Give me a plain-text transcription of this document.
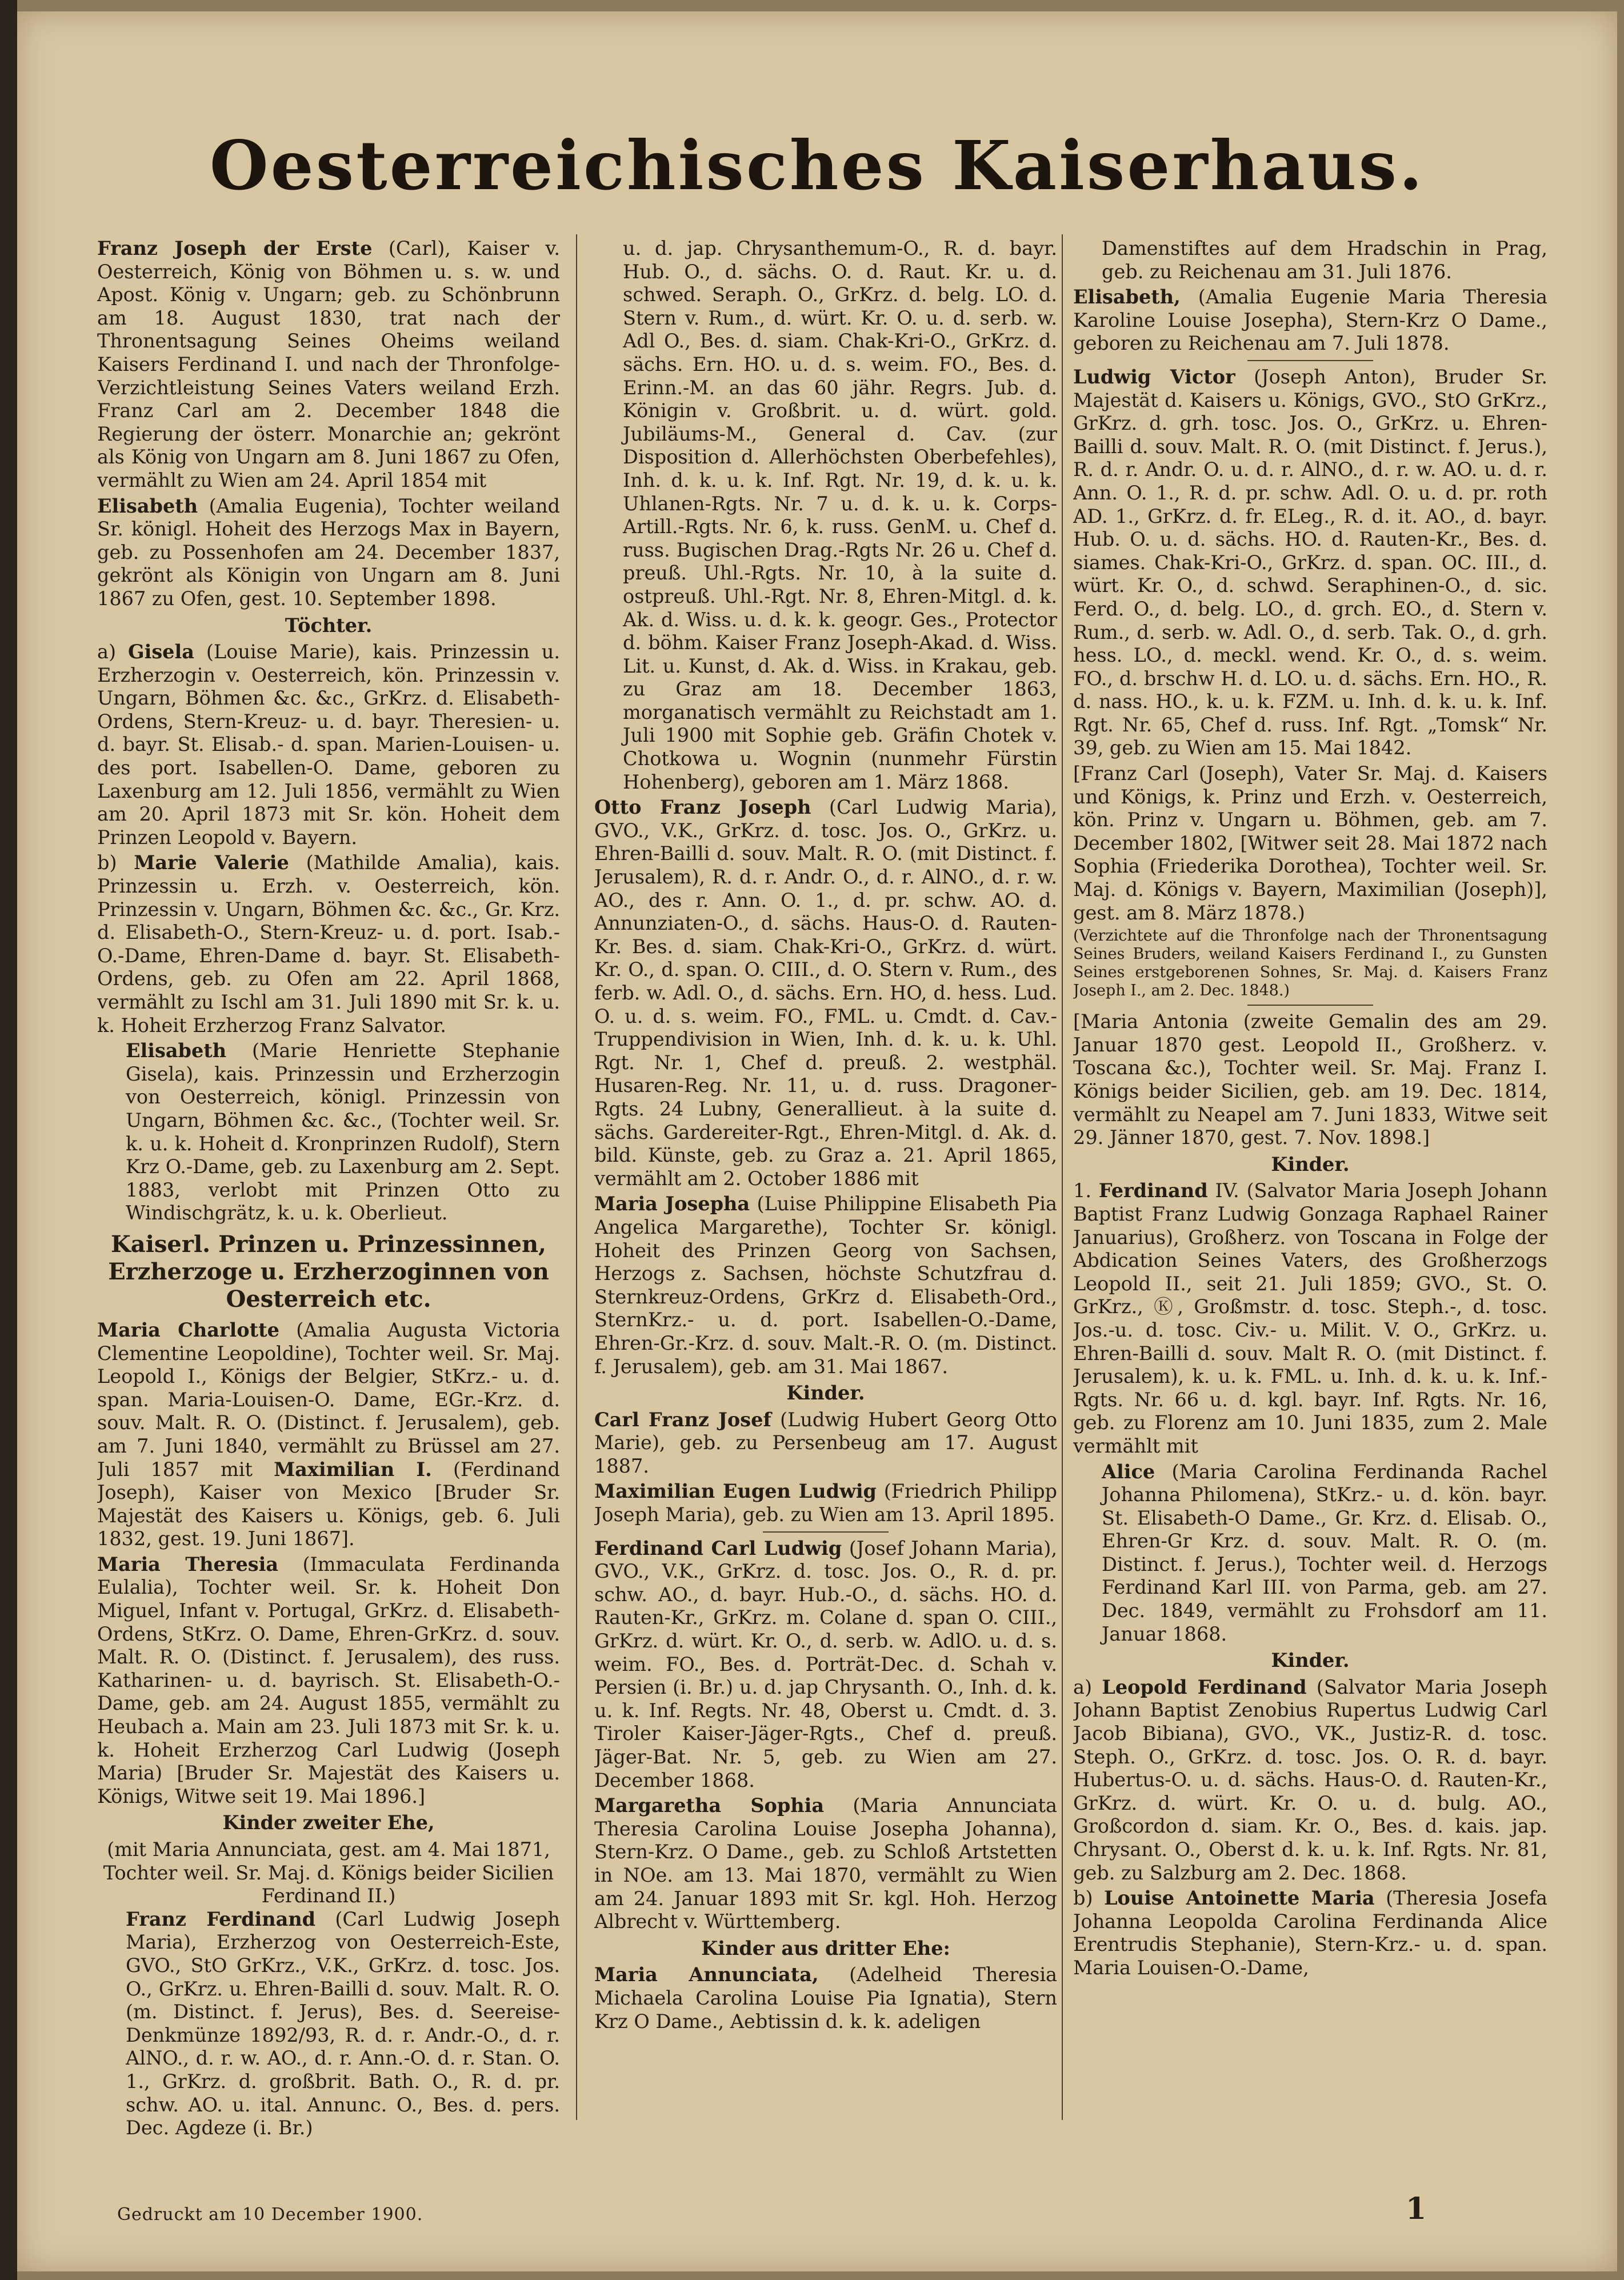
Oesterreichisches Kaiserhaus.

Franz Joseph der Erste (Carl), Kaiser v. Oesterreich, König von Böhmen u. s. w. und Apost. König v. Ungarn; geb. zu Schönbrunn am 18. August 1830, trat nach der Thronentsagung Seines Oheims weiland Kaisers Ferdinand I. und nach der Thronfolge-Verzichtleistung Seines Vaters weiland Erzh. Franz Carl am 2. December 1848 die Regierung der österr. Monarchie an; gekrönt als König von Ungarn am 8. Juni 1867 zu Ofen, vermählt zu Wien am 24. April 1854 mit

Elisabeth (Amalia Eugenia), Tochter weiland Sr. königl. Hoheit des Herzogs Max in Bayern, geb. zu Possenhofen am 24. December 1837, gekrönt als Königin von Ungarn am 8. Juni 1867 zu Ofen, gest. 10. September 1898.

Töchter.

a) Gisela (Louise Marie), kais. Prinzessin u. Erzherzogin v. Oesterreich, kön. Prinzessin v. Ungarn, Böhmen &c. &c., GrKrz. d. Elisabeth-Ordens, Stern-Kreuz- u. d. bayr. Theresien- u. d. bayr. St. Elisab.- d. span. Marien-Louisen- u. des port. Isabellen-O. Dame, geboren zu Laxenburg am 12. Juli 1856, vermählt zu Wien am 20. April 1873 mit Sr. kön. Hoheit dem Prinzen Leopold v. Bayern.

b) Marie Valerie (Mathilde Amalia), kais. Prinzessin u. Erzh. v. Oesterreich, kön. Prinzessin v. Ungarn, Böhmen &c. &c., Gr. Krz. d. Elisabeth-O., Stern-Kreuz- u. d. port. Isab.-O.-Dame, Ehren-Dame d. bayr. St. Elisabeth-Ordens, geb. zu Ofen am 22. April 1868, vermählt zu Ischl am 31. Juli 1890 mit Sr. k. u. k. Hoheit Erzherzog Franz Salvator.

Elisabeth (Marie Henriette Stephanie Gisela), kais. Prinzessin und Erzherzogin von Oesterreich, königl. Prinzessin von Ungarn, Böhmen &c. &c., (Tochter weil. Sr. k. u. k. Hoheit d. Kronprinzen Rudolf), Stern Krz O.-Dame, geb. zu Laxenburg am 2. Sept. 1883, verlobt mit Prinzen Otto zu Windischgrätz, k. u. k. Oberlieut.

Kaiserl. Prinzen u. Prinzessinnen, Erzherzoge u. Erzherzoginnen von Oesterreich etc.

Maria Charlotte (Amalia Augusta Victoria Clementine Leopoldine), Tochter weil. Sr. Maj. Leopold I., Königs der Belgier, StKrz.- u. d. span. Maria-Louisen-O. Dame, EGr.-Krz. d. souv. Malt. R. O. (Distinct. f. Jerusalem), geb. am 7. Juni 1840, vermählt zu Brüssel am 27. Juli 1857 mit Maximilian I. (Ferdinand Joseph), Kaiser von Mexico [Bruder Sr. Majestät des Kaisers u. Königs, geb. 6. Juli 1832, gest. 19. Juni 1867].

Maria Theresia (Immaculata Ferdinanda Eulalia), Tochter weil. Sr. k. Hoheit Don Miguel, Infant v. Portugal, GrKrz. d. Elisabeth-Ordens, StKrz. O. Dame, Ehren-GrKrz. d. souv. Malt. R. O. (Distinct. f. Jerusalem), des russ. Katharinen- u. d. bayrisch. St. Elisabeth-O.-Dame, geb. am 24. August 1855, vermählt zu Heubach a. Main am 23. Juli 1873 mit Sr. k. u. k. Hoheit Erzherzog Carl Ludwig (Joseph Maria) [Bruder Sr. Majestät des Kaisers u. Königs, Witwe seit 19. Mai 1896.]

Kinder zweiter Ehe,
(mit Maria Annunciata, gest. am 4. Mai 1871, Tochter weil. Sr. Maj. d. Königs beider Sicilien Ferdinand II.)

Franz Ferdinand (Carl Ludwig Joseph Maria), Erzherzog von Oesterreich-Este, GVO., StO GrKrz., V.K., GrKrz. d. tosc. Jos. O., GrKrz. u. Ehren-Bailli d. souv. Malt. R. O. (m. Distinct. f. Jerus), Bes. d. Seereise-Denkmünze 1892/93, R. d. r. Andr.-O., d. r. AlNO., d. r. w. AO., d. r. Ann.-O. d. r. Stan. O. 1., GrKrz. d. großbrit. Bath. O., R. d. pr. schw. AO. u. ital. Annunc. O., Bes. d. pers. Dec. Agdeze (i. Br.)

u. d. jap. Chrysanthemum-O., R. d. bayr. Hub. O., d. sächs. O. d. Raut. Kr. u. d. schwed. Seraph. O., GrKrz. d. belg. LO. d. Stern v. Rum., d. würt. Kr. O. u. d. serb. w. Adl O., Bes. d. siam. Chak-Kri-O., GrKrz. d. sächs. Ern. HO. u. d. s. weim. FO., Bes. d. Erinn.-M. an das 60 jähr. Regrs. Jub. d. Königin v. Großbrit. u. d. würt. gold. Jubiläums-M., General d. Cav. (zur Disposition d. Allerhöchsten Oberbefehles), Inh. d. k. u. k. Inf. Rgt. Nr. 19, d. k. u. k. Uhlanen-Rgts. Nr. 7 u. d. k. u. k. Corps-Artill.-Rgts. Nr. 6, k. russ. GenM. u. Chef d. russ. Bugischen Drag.-Rgts Nr. 26 u. Chef d. preuß. Uhl.-Rgts. Nr. 10, à la suite d. ostpreuß. Uhl.-Rgt. Nr. 8, Ehren-Mitgl. d. k. Ak. d. Wiss. u. d. k. k. geogr. Ges., Protector d. böhm. Kaiser Franz Joseph-Akad. d. Wiss. Lit. u. Kunst, d. Ak. d. Wiss. in Krakau, geb. zu Graz am 18. December 1863, morganatisch vermählt zu Reichstadt am 1. Juli 1900 mit Sophie geb. Gräfin Chotek v. Chotkowa u. Wognin (nunmehr Fürstin Hohenberg), geboren am 1. März 1868.

Otto Franz Joseph (Carl Ludwig Maria), GVO., V.K., GrKrz. d. tosc. Jos. O., GrKrz. u. Ehren-Bailli d. souv. Malt. R. O. (mit Distinct. f. Jerusalem), R. d. r. Andr. O., d. r. AlNO., d. r. w. AO., des r. Ann. O. 1., d. pr. schw. AO. d. Annunziaten-O., d. sächs. Haus-O. d. Rauten-Kr. Bes. d. siam. Chak-Kri-O., GrKrz. d. würt. Kr. O., d. span. O. CIII., d. O. Stern v. Rum., des ferb. w. Adl. O., d. sächs. Ern. HO, d. hess. Lud. O. u. d. s. weim. FO., FML. u. Cmdt. d. Cav.-Truppendivision in Wien, Inh. d. k. u. k. Uhl. Rgt. Nr. 1, Chef d. preuß. 2. westphäl. Husaren-Reg. Nr. 11, u. d. russ. Dragoner-Rgts. 24 Lubny, Generallieut. à la suite d. sächs. Gardereiter-Rgt., Ehren-Mitgl. d. Ak. d. bild. Künste, geb. zu Graz a. 21. April 1865, vermählt am 2. October 1886 mit

Maria Josepha (Luise Philippine Elisabeth Pia Angelica Margarethe), Tochter Sr. königl. Hoheit des Prinzen Georg von Sachsen, Herzogs z. Sachsen, höchste Schutzfrau d. Sternkreuz-Ordens, GrKrz d. Elisabeth-Ord., SternKrz.- u. d. port. Isabellen-O.-Dame, Ehren-Gr.-Krz. d. souv. Malt.-R. O. (m. Distinct. f. Jerusalem), geb. am 31. Mai 1867.

Kinder.

Carl Franz Josef (Ludwig Hubert Georg Otto Marie), geb. zu Persenbeug am 17. August 1887.

Maximilian Eugen Ludwig (Friedrich Philipp Joseph Maria), geb. zu Wien am 13. April 1895.

Ferdinand Carl Ludwig (Josef Johann Maria), GVO., V.K., GrKrz. d. tosc. Jos. O., R. d. pr. schw. AO., d. bayr. Hub.-O., d. sächs. HO. d. Rauten-Kr., GrKrz. m. Colane d. span O. CIII., GrKrz. d. würt. Kr. O., d. serb. w. AdlO. u. d. s. weim. FO., Bes. d. Porträt-Dec. d. Schah v. Persien (i. Br.) u. d. jap Chrysanth. O., Inh. d. k. u. k. Inf. Regts. Nr. 48, Oberst u. Cmdt. d. 3. Tiroler Kaiser-Jäger-Rgts., Chef d. preuß. Jäger-Bat. Nr. 5, geb. zu Wien am 27. December 1868.

Margaretha Sophia (Maria Annunciata Theresia Carolina Louise Josepha Johanna), Stern-Krz. O Dame., geb. zu Schloß Artstetten in NOe. am 13. Mai 1870, vermählt zu Wien am 24. Januar 1893 mit Sr. kgl. Hoh. Herzog Albrecht v. Württemberg.

Kinder aus dritter Ehe:

Maria Annunciata, (Adelheid Theresia Michaela Carolina Louise Pia Ignatia), Stern Krz O Dame., Aebtissin d. k. k. adeligen

Damenstiftes auf dem Hradschin in Prag, geb. zu Reichenau am 31. Juli 1876.

Elisabeth, (Amalia Eugenie Maria Theresia Karoline Louise Josepha), Stern-Krz O Dame., geboren zu Reichenau am 7. Juli 1878.

Ludwig Victor (Joseph Anton), Bruder Sr. Majestät d. Kaisers u. Königs, GVO., StO GrKrz., GrKrz. d. grh. tosc. Jos. O., GrKrz. u. Ehren-Bailli d. souv. Malt. R. O. (mit Distinct. f. Jerus.), R. d. r. Andr. O. u. d. r. AlNO., d. r. w. AO. u. d. r. Ann. O. 1., R. d. pr. schw. Adl. O. u. d. pr. roth AD. 1., GrKrz. d. fr. ELeg., R. d. it. AO., d. bayr. Hub. O. u. d. sächs. HO. d. Rauten-Kr., Bes. d. siames. Chak-Kri-O., GrKrz. d. span. OC. III., d. würt. Kr. O., d. schwd. Seraphinen-O., d. sic. Ferd. O., d. belg. LO., d. grch. EO., d. Stern v. Rum., d. serb. w. Adl. O., d. serb. Tak. O., d. grh. hess. LO., d. meckl. wend. Kr. O., d. s. weim. FO., d. brschw H. d. LO. u. d. sächs. Ern. HO., R. d. nass. HO., k. u. k. FZM. u. Inh. d. k. u. k. Inf. Rgt. Nr. 65, Chef d. russ. Inf. Rgt. „Tomsk“ Nr. 39, geb. zu Wien am 15. Mai 1842.

[Franz Carl (Joseph), Vater Sr. Maj. d. Kaisers und Königs, k. Prinz und Erzh. v. Oesterreich, kön. Prinz v. Ungarn u. Böhmen, geb. am 7. December 1802, [Witwer seit 28. Mai 1872 nach Sophia (Friederika Dorothea), Tochter weil. Sr. Maj. d. Königs v. Bayern, Maximilian (Joseph)], gest. am 8. März 1878.)

(Verzichtete auf die Thronfolge nach der Thronentsagung Seines Bruders, weiland Kaisers Ferdinand I., zu Gunsten Seines erstgeborenen Sohnes, Sr. Maj. d. Kaisers Franz Joseph I., am 2. Dec. 1848.)

[Maria Antonia (zweite Gemalin des am 29. Januar 1870 gest. Leopold II., Großherz. v. Toscana &c.), Tochter weil. Sr. Maj. Franz I. Königs beider Sicilien, geb. am 19. Dec. 1814, vermählt zu Neapel am 7. Juni 1833, Witwe seit 29. Jänner 1870, gest. 7. Nov. 1898.]

Kinder.

1. Ferdinand IV. (Salvator Maria Joseph Johann Baptist Franz Ludwig Gonzaga Raphael Rainer Januarius), Großherz. von Toscana in Folge der Abdication Seines Vaters, des Großherzogs Leopold II., seit 21. Juli 1859; GVO., St. O. GrKrz., Ⓚ, Großmstr. d. tosc. Steph.-, d. tosc. Jos.-u. d. tosc. Civ.- u. Milit. V. O., GrKrz. u. Ehren-Bailli d. souv. Malt R. O. (mit Distinct. f. Jerusalem), k. u. k. FML. u. Inh. d. k. u. k. Inf.-Rgts. Nr. 66 u. d. kgl. bayr. Inf. Rgts. Nr. 16, geb. zu Florenz am 10. Juni 1835, zum 2. Male vermählt mit

Alice (Maria Carolina Ferdinanda Rachel Johanna Philomena), StKrz.- u. d. kön. bayr. St. Elisabeth-O Dame., Gr. Krz. d. Elisab. O., Ehren-Gr Krz. d. souv. Malt. R. O. (m. Distinct. f. Jerus.), Tochter weil. d. Herzogs Ferdinand Karl III. von Parma, geb. am 27. Dec. 1849, vermählt zu Frohsdorf am 11. Januar 1868.

Kinder.

a) Leopold Ferdinand (Salvator Maria Joseph Johann Baptist Zenobius Rupertus Ludwig Carl Jacob Bibiana), GVO., VK., Justiz-R. d. tosc. Steph. O., GrKrz. d. tosc. Jos. O. R. d. bayr. Hubertus-O. u. d. sächs. Haus-O. d. Rauten-Kr., GrKrz. d. würt. Kr. O. u. d. bulg. AO., Großcordon d. siam. Kr. O., Bes. d. kais. jap. Chrysant. O., Oberst d. k. u. k. Inf. Rgts. Nr. 81, geb. zu Salzburg am 2. Dec. 1868.

b) Louise Antoinette Maria (Theresia Josefa Johanna Leopolda Carolina Ferdinanda Alice Erentrudis Stephanie), Stern-Krz.- u. d. span. Maria Louisen-O.-Dame,

Gedruckt am 10 December 1900.	1
